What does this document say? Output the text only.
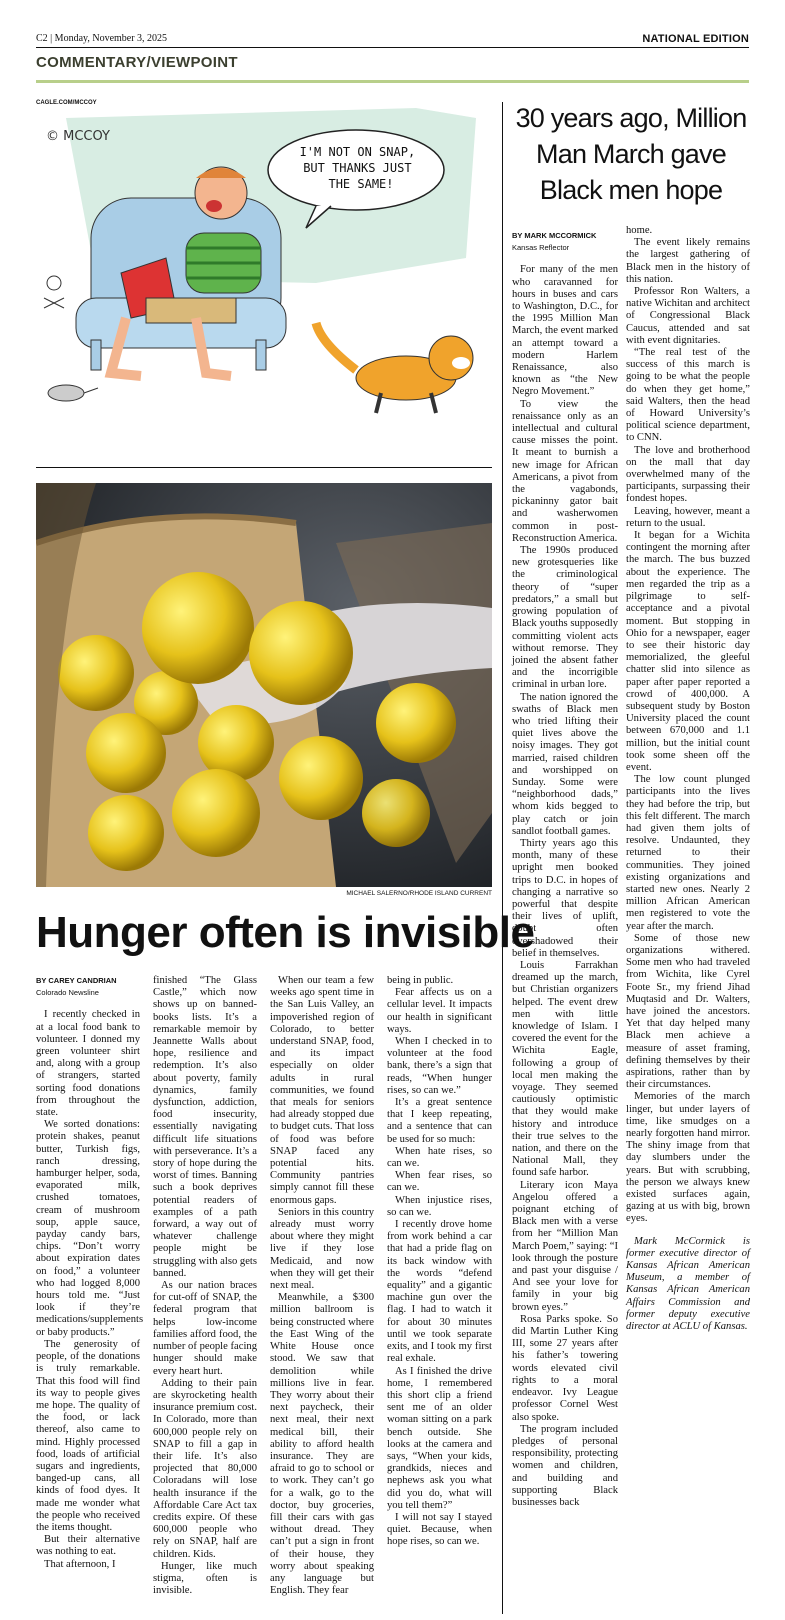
C2 | Monday, November 3, 2025	NATIONAL EDITION
COMMENTARY/VIEWPOINT
CAGLE.COM/MCCOY
© MCCOY
I'M NOT ON SNAP, BUT THANKS JUST THE SAME!
MICHAEL SALERNO/RHODE ISLAND CURRENT
Hunger often is invisible

BY CAREY CANDRIAN

Colorado Newsline

I recently checked in at a local food bank to volunteer. I donned my green volunteer shirt and, along with a group of strangers, started sorting food donations from throughout the state.

We sorted donations: protein shakes, peanut butter, Turkish figs, ranch dressing, hamburger helper, soda, evaporated milk, crushed tomatoes, cream of mushroom soup, apple sauce, payday candy bars, chips. “Don’t worry about expiration dates on food,” a volunteer who had logged 8,000 hours told me. “Just look if they’re medications/supplements or baby products.”

The generosity of people, of the donations is truly remarkable. That this food will find its way to people gives me hope. The quality of the food, or lack thereof, also came to mind. Highly processed food, loads of artificial sugars and ingredients, banged-up cans, all kinds of food dyes. It made me wonder what the people who received the items thought.

But their alternative was nothing to eat.

That afternoon, I

finished “The Glass Castle,” which now shows up on banned-books lists. It’s a remarkable memoir by Jeannette Walls about hope, resilience and redemption. It’s also about poverty, family dynamics, family dysfunction, addiction, food insecurity, essentially navigating difficult life situations with perseverance. It’s a story of hope during the worst of times. Banning such a book deprives potential readers of examples of a path forward, a way out of whatever challenge people might be struggling with also gets banned.

As our nation braces for cut-off of SNAP, the federal program that helps low-income families afford food, the number of people facing hunger should make every heart hurt.

Adding to their pain are skyrocketing health insurance premium cost. In Colorado, more than 600,000 people rely on SNAP to fill a gap in their life. It’s also projected that 80,000 Coloradans will lose health insurance if the Affordable Care Act tax credits expire. Of these 600,000 people who rely on SNAP, half are children. Kids.

Hunger, like much stigma, often is invisible.

When our team a few weeks ago spent time in the San Luis Valley, an impoverished region of Colorado, to better understand SNAP, food, and its impact especially on older adults in rural communities, we found that meals for seniors had already stopped due to budget cuts. That loss of food was before SNAP faced any potential hits. Community pantries simply cannot fill these enormous gaps.

Seniors in this country already must worry about where they might live if they lose Medicaid, and now when they will get their next meal.

Meanwhile, a $300 million ballroom is being constructed where the East Wing of the White House once stood. We saw that demolition while millions live in fear. They worry about their next paycheck, their next meal, their next medical bill, their ability to afford health insurance. They are afraid to go to school or to work. They can’t go for a walk, go to the doctor, buy groceries, fill their cars with gas without dread. They can’t put a sign in front of their house, they worry about speaking any language but English. They fear

being in public.

Fear affects us on a cellular level. It impacts our health in significant ways.

When I checked in to volunteer at the food bank, there’s a sign that reads, “When hunger rises, so can we.”

It’s a great sentence that I keep repeating, and a sentence that can be used for so much:

When hate rises, so can we.

When fear rises, so can we.

When injustice rises, so can we.

I recently drove home from work behind a car that had a pride flag on its back window with the words “defend equality” and a gigantic machine gun over the flag. I had to watch it for about 30 minutes until we took separate exits, and I took my first real exhale.

As I finished the drive home, I remembered this short clip a friend sent me of an older woman sitting on a park bench outside. She looks at the camera and says, “When your kids, grandkids, nieces and nephews ask you what did you do, what will you tell them?”

I will not say I stayed quiet. Because, when hope rises, so can we.

30 years ago, Million
Man March gave
Black men hope

BY MARK MCCORMICK

Kansas Reflector

For many of the men who caravanned for hours in buses and cars to Washington, D.C., for the 1995 Million Man March, the event marked an attempt toward a modern Harlem Renaissance, also known as “the New Negro Movement.”

To view the renaissance only as an intellectual and cultural cause misses the point. It meant to burnish a new image for African Americans, a pivot from the vagabonds, pickaninny gator bait and washerwomen common in post-Reconstruction America.

The 1990s produced new grotesqueries like the criminological theory of “super predators,” a small but growing population of Black youths supposedly committing violent acts without remorse. They joined the absent father and the incorrigible criminal in urban lore.

The nation ignored the swaths of Black men who tried lifting their quiet lives above the noisy images. They got married, raised children and worshipped on Sunday. Some were “neighborhood dads,” whom kids begged to play catch or join sandlot football games.

Thirty years ago this month, many of these upright men booked trips to D.C. in hopes of changing a narrative so powerful that despite their lives of uplift, doubt often overshadowed their belief in themselves.

Louis Farrakhan dreamed up the march, but Christian organizers helped. The event drew men with little knowledge of Islam. I covered the event for the Wichita Eagle, following a group of local men making the voyage. They seemed cautiously optimistic that they would make history and introduce their true selves to the nation, and there on the National Mall, they found safe harbor.

Literary icon Maya Angelou offered a poignant etching of Black men with a verse from her “Million Man March Poem,” saying: “I look through the posture and past your disguise / And see your love for family in your big brown eyes.”

Rosa Parks spoke. So did Martin Luther King III, some 27 years after his father’s towering words elevated civil rights to a moral endeavor. Ivy League professor Cornel West also spoke.

The program included pledges of personal responsibility, protecting women and children, and building and supporting Black businesses back

home.

The event likely remains the largest gathering of Black men in the history of this nation.

Professor Ron Walters, a native Wichitan and architect of Congressional Black Caucus, attended and sat with event dignitaries.

“The real test of the success of this march is going to be what the people do when they get home,” said Walters, then the head of Howard University’s political science department, to CNN.

The love and brotherhood on the mall that day overwhelmed many of the participants, surpassing their fondest hopes.

Leaving, however, meant a return to the usual.

It began for a Wichita contingent the morning after the march. The bus buzzed about the experience. The men regarded the trip as a pilgrimage to self-acceptance and a pivotal moment. But stopping in Ohio for a newspaper, eager to see their historic day memorialized, the gleeful chatter slid into silence as paper after paper reported a crowd of 400,000. A subsequent study by Boston University placed the count between 670,000 and 1.1 million, but the initial count took some sheen off the event.

The low count plunged participants into the lives they had before the trip, but this felt different. The march had given them jolts of resolve. Undaunted, they returned to their communities. They joined existing organizations and started new ones. Nearly 2 million African American men registered to vote the year after the march.

Some of those new organizations withered. Some men who had traveled from Wichita, like Cyrel Foote Sr., my friend Jihad Muqtasid and Dr. Walters, have joined the ancestors. Yet that day helped many Black men achieve a measure of asset framing, defining themselves by their aspirations, rather than by their circumstances.

Memories of the march linger, but under layers of time, like smudges on a nearly forgotten hand mirror. The shiny image from that day slumbers under the years. But with scrubbing, the person we always knew existed surfaces again, gazing at us with big, brown eyes.

Mark McCormick is former executive director of Kansas African American Museum, a member of Kansas African American Affairs Commission and former deputy executive director at ACLU of Kansas.
